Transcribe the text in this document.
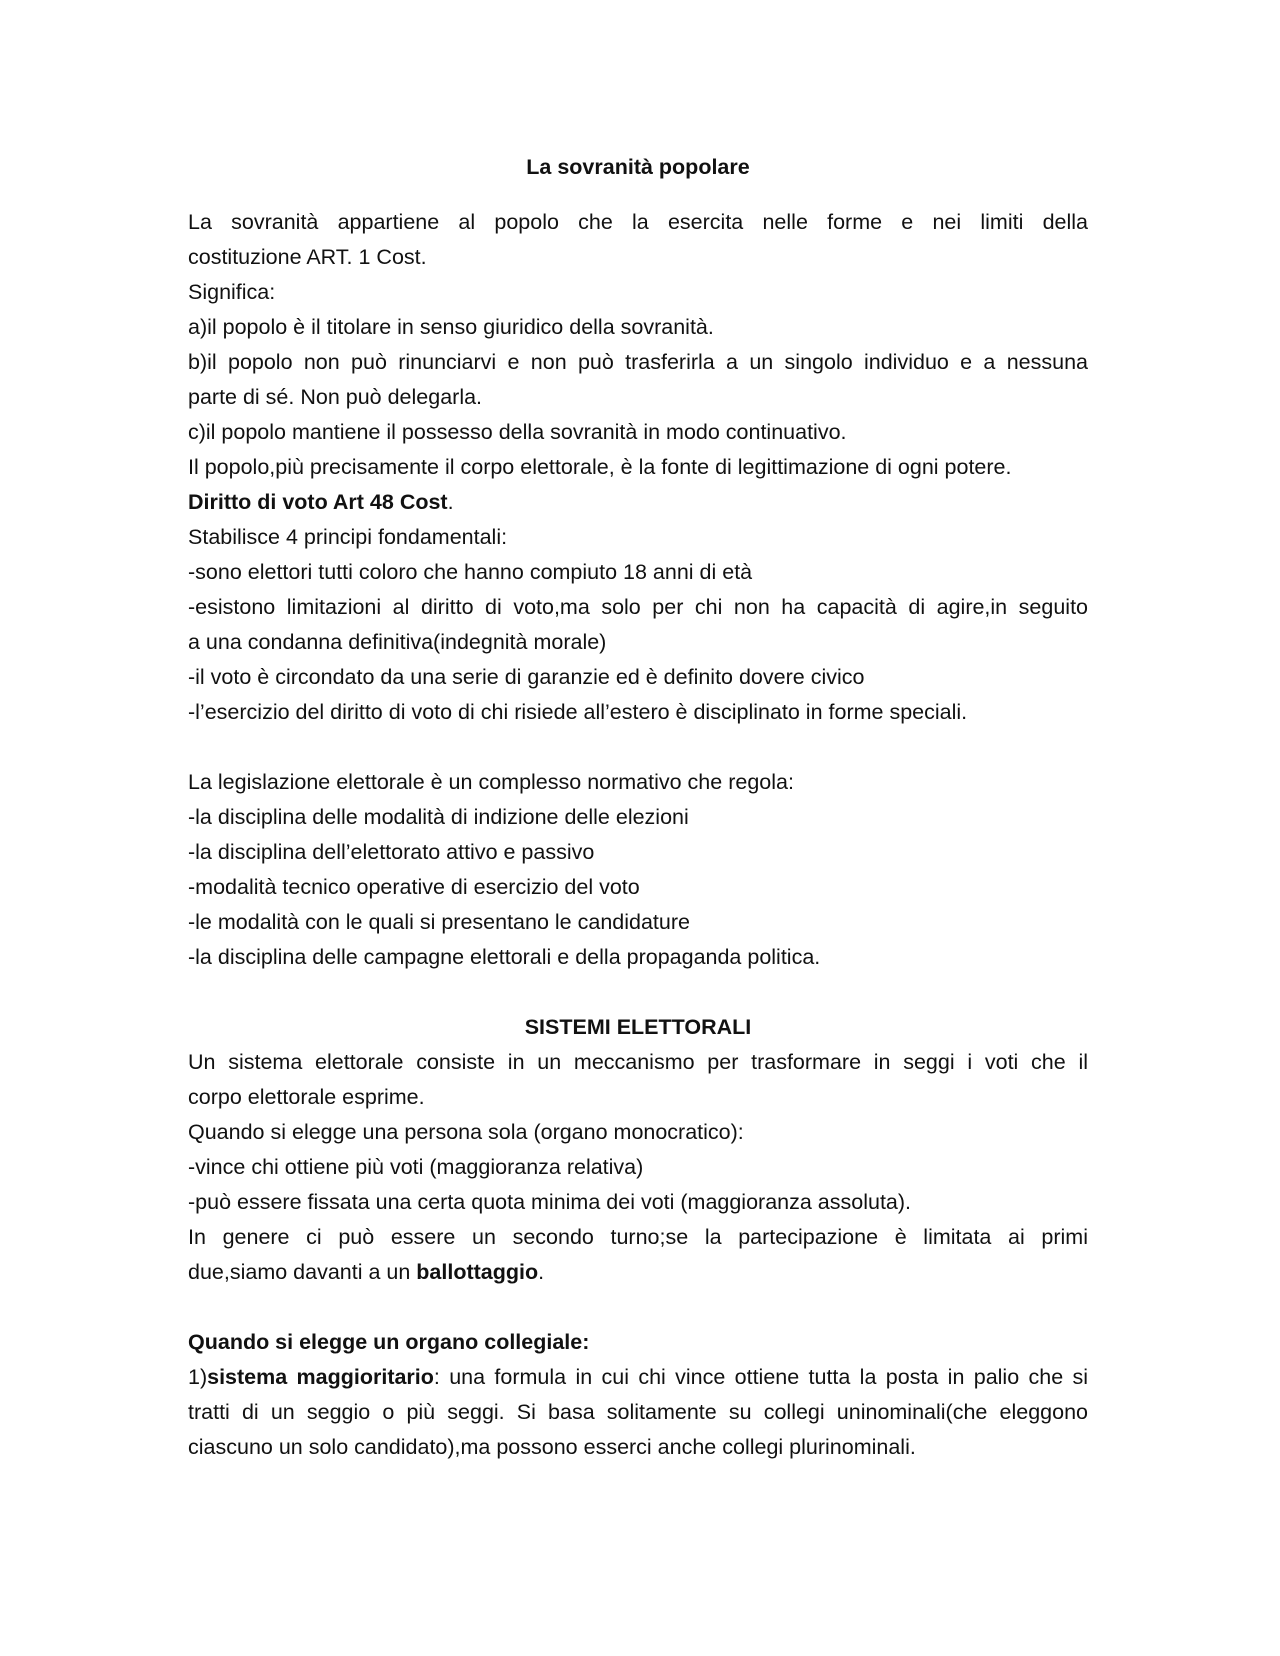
La sovranità popolare
La sovranità appartiene al popolo che la esercita nelle forme e nei limiti della
costituzione ART. 1 Cost.
Significa:
a)il popolo è il titolare in senso giuridico della sovranità.
b)il popolo non può rinunciarvi e non può trasferirla a un singolo individuo e a nessuna
parte di sé. Non può delegarla.
c)il popolo mantiene il possesso della sovranità in modo continuativo.
Il popolo,più precisamente il corpo elettorale, è la fonte di legittimazione di ogni potere.
Diritto di voto Art 48 Cost.
Stabilisce 4 principi fondamentali:
-sono elettori tutti coloro che hanno compiuto 18 anni di età
-esistono limitazioni al diritto di voto,ma solo per chi non ha capacità di agire,in seguito
a una condanna definitiva(indegnità morale)
-il voto è circondato da una serie di garanzie ed è definito dovere civico
-l’esercizio del diritto di voto di chi risiede all’estero è disciplinato in forme speciali.
La legislazione elettorale è un complesso normativo che regola:
-la disciplina delle modalità di indizione delle elezioni
-la disciplina dell’elettorato attivo e passivo
-modalità tecnico operative di esercizio del voto
-le modalità con le quali si presentano le candidature
-la disciplina delle campagne elettorali e della propaganda politica.
SISTEMI ELETTORALI
Un sistema elettorale consiste in un meccanismo per trasformare in seggi i voti che il
corpo elettorale esprime.
Quando si elegge una persona sola (organo monocratico):
-vince chi ottiene più voti (maggioranza relativa)
-può essere fissata una certa quota minima dei voti (maggioranza assoluta).
In genere ci può essere un secondo turno;se la partecipazione è limitata ai primi
due,siamo davanti a un ballottaggio.
Quando si elegge un organo collegiale:
1)sistema maggioritario: una formula in cui chi vince ottiene tutta la posta in palio che si
tratti di un seggio o più seggi. Si basa solitamente su collegi uninominali(che eleggono
ciascuno un solo candidato),ma possono esserci anche collegi plurinominali.
